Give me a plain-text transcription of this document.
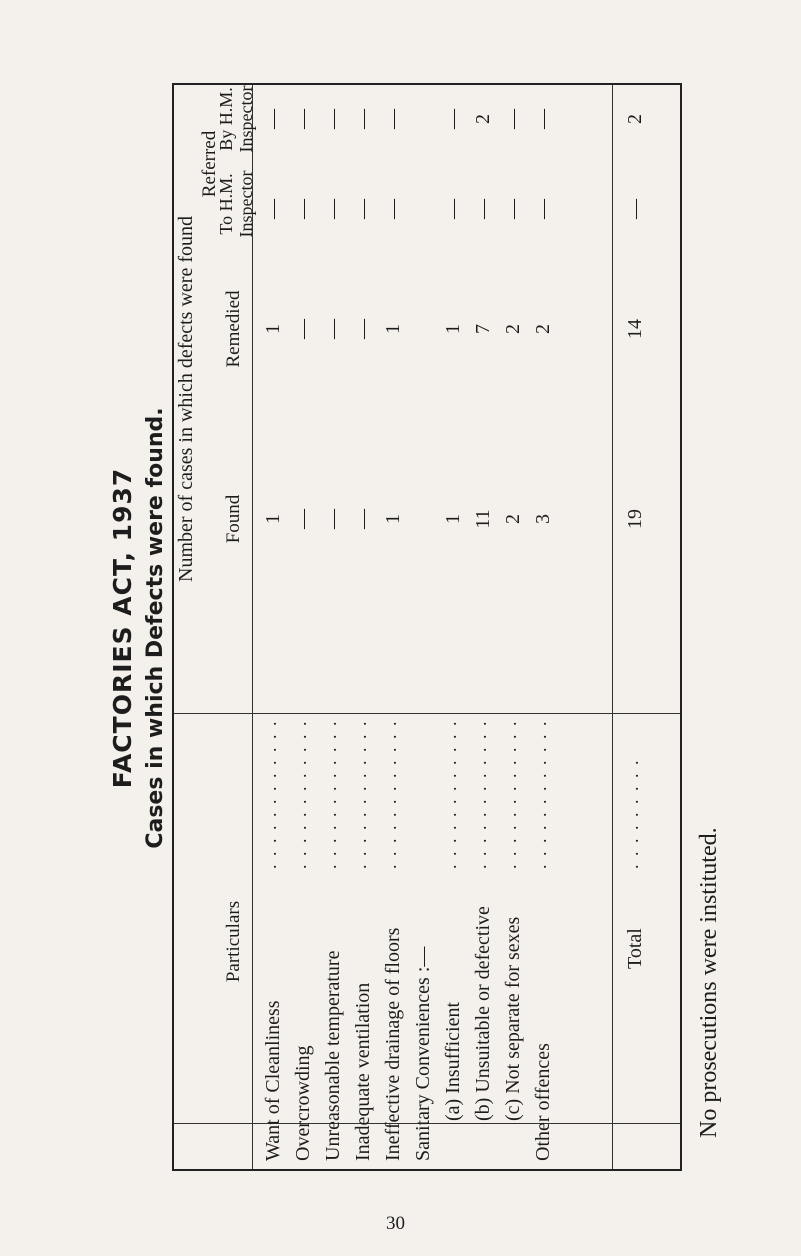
FACTORIES ACT, 1937 Cases in which Defects were found.
Number of cases in which defects were found
Particulars
Found
Remedied
Referred
To H.M. Inspector
By H.M. Inspector
Want of Cleanliness
. . . . . . . . . . . .
1
1
—
—
Overcrowding
. . . . . . . . . . . .
—
—
—
—
Unreasonable temperature
. . . . . . . . . . . .
—
—
—
—
Inadequate ventilation
. . . . . . . . . . . .
—
—
—
—
Ineffective drainage of floors
. . . . . . . . . . . .
1
1
—
—
Sanitary Conveniences :— (a) Insufficient
. . . . . . . . . . . .
1
1
—
—
(b) Unsuitable or defective
. . . . . . . . . . . .
11
7
—
2
(c) Not separate for sexes
. . . . . . . . . . . .
2
2
—
—
Other offences
. . . . . . . . . . . .
3
2
—
—
Total
. . . . . . . . .
19
14
—
2
No prosecutions were instituted.
30
